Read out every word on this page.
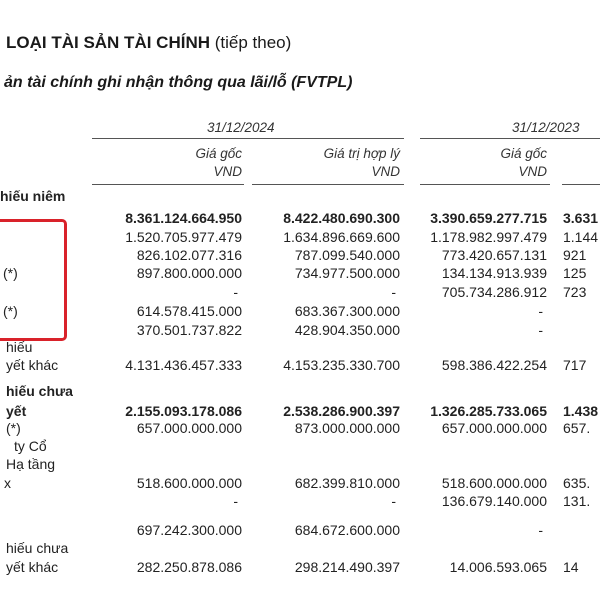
LOẠI TÀI SẢN TÀI CHÍNH (tiếp theo)
ản tài chính ghi nhận thông qua lãi/lỗ (FVTPL)
31/12/2024	31/12/2023
Giá gốc
VND
Giá trị hợp lý
VND
Giá gốc
VND
hiếu niêm
8.361.124.664.950	8.422.480.690.300 3.390.659.277.715 3.631
1.520.705.977.479	1.634.896.669.600 1.178.982.997.479 1.144
826.102.077.316	787.099.540.000	773.420.657.131 921
(*)	897.800.000.000	734.977.500.000	134.134.913.939 125
-	-	705.734.286.912 723
(*)	614.578.415.000	683.367.300.000	-
370.501.737.822	428.904.350.000	-
hiếu
yết khác	4.131.436.457.333	4.153.235.330.700	598.386.422.254 717
hiếu chưa
yết	2.155.093.178.086	2.538.286.900.397 1.326.285.733.065 1.438
(*)	657.000.000.000	873.000.000.000	657.000.000.000 657.
ty Cổ
Hạ tầng
x	518.600.000.000	682.399.810.000	518.600.000.000 635.
-	-	136.679.140.000 131.
697.242.300.000	684.672.600.000	-
hiếu chưa
yết khác	282.250.878.086	298.214.490.397	14.006.593.065 14
